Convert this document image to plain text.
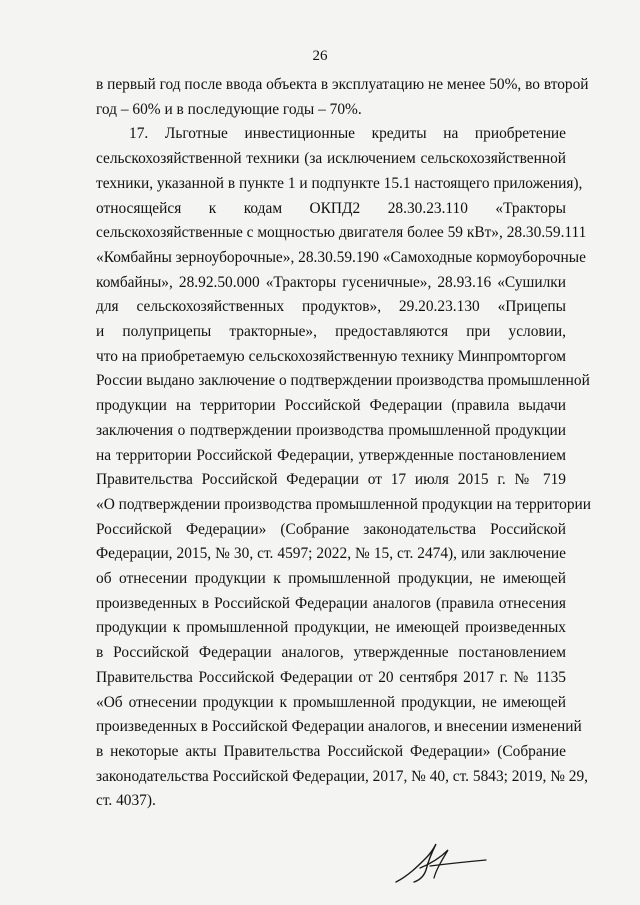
26
в первый год после ввода объекта в эксплуатацию не менее 50%, во второй
год – 60% и в последующие годы – 70%.
17. Льготные инвестиционные кредиты на приобретение
сельскохозяйственной техники (за исключением сельскохозяйственной
техники, указанной в пункте 1 и подпункте 15.1 настоящего приложения),
относящейся к кодам ОКПД2 28.30.23.110 «Тракторы
сельскохозяйственные с мощностью двигателя более 59 кВт», 28.30.59.111
«Комбайны зерноуборочные», 28.30.59.190 «Самоходные кормоуборочные
комбайны», 28.92.50.000 «Тракторы гусеничные», 28.93.16 «Сушилки
для сельскохозяйственных продуктов», 29.20.23.130 «Прицепы
и полуприцепы тракторные», предоставляются при условии,
что на приобретаемую сельскохозяйственную технику Минпромторгом
России выдано заключение о подтверждении производства промышленной
продукции на территории Российской Федерации (правила выдачи
заключения о подтверждении производства промышленной продукции
на территории Российской Федерации, утвержденные постановлением
Правительства Российской Федерации от 17 июля 2015 г. № 719
«О подтверждении производства промышленной продукции на территории
Российской Федерации» (Собрание законодательства Российской
Федерации, 2015, № 30, ст. 4597; 2022, № 15, ст. 2474), или заключение
об отнесении продукции к промышленной продукции, не имеющей
произведенных в Российской Федерации аналогов (правила отнесения
продукции к промышленной продукции, не имеющей произведенных
в Российской Федерации аналогов, утвержденные постановлением
Правительства Российской Федерации от 20 сентября 2017 г. № 1135
«Об отнесении продукции к промышленной продукции, не имеющей
произведенных в Российской Федерации аналогов, и внесении изменений
в некоторые акты Правительства Российской Федерации» (Собрание
законодательства Российской Федерации, 2017, № 40, ст. 5843; 2019, № 29,
ст. 4037).
